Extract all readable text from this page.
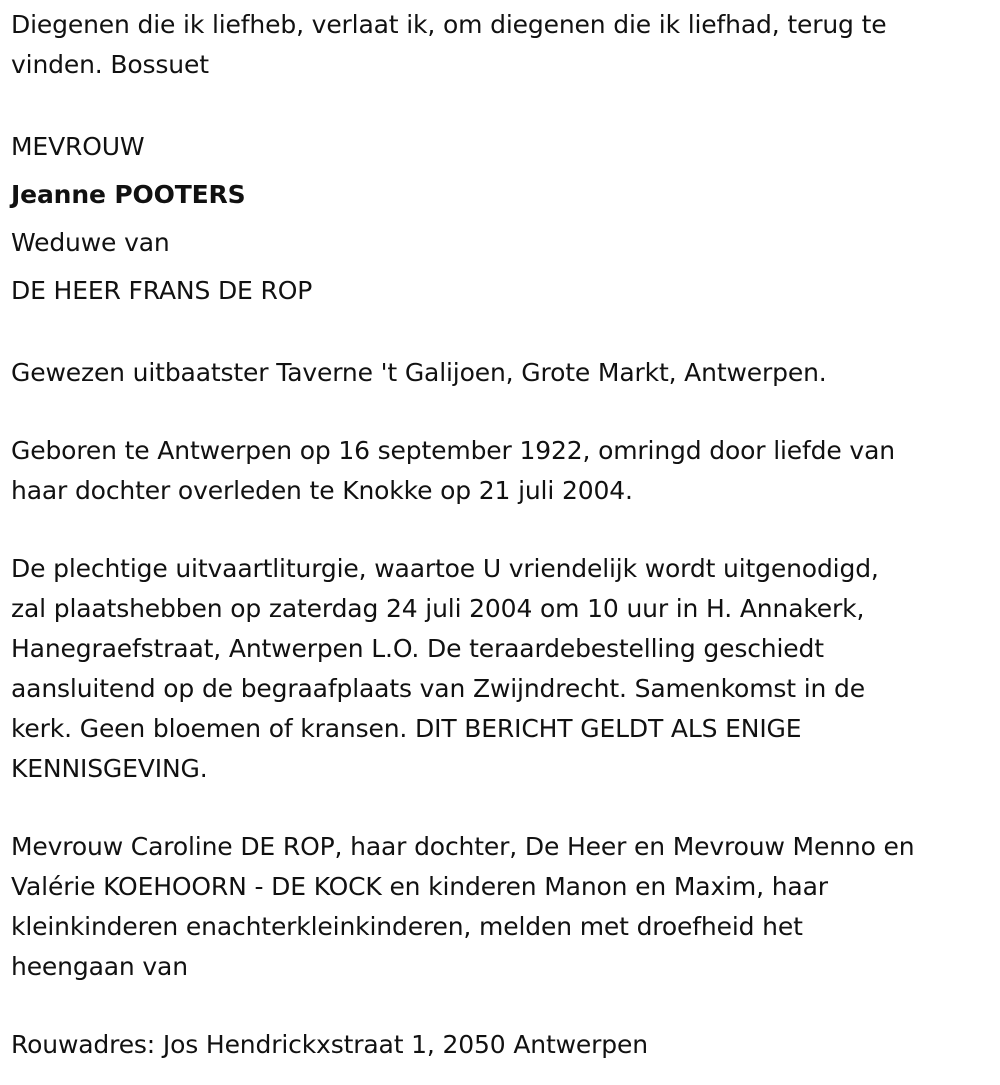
Diegenen die ik liefheb, verlaat ik, om diegenen die ik liefhad, terug te
vinden. Bossuet

MEVROUW
Jeanne POOTERS
Weduwe van
DE HEER FRANS DE ROP

Gewezen uitbaatster Taverne 't Galijoen, Grote Markt, Antwerpen.

Geboren te Antwerpen op 16 september 1922, omringd door liefde van
haar dochter overleden te Knokke op 21 juli 2004.

De plechtige uitvaartliturgie, waartoe U vriendelijk wordt uitgenodigd,
zal plaatshebben op zaterdag 24 juli 2004 om 10 uur in H. Annakerk,
Hanegraefstraat, Antwerpen L.O. De teraardebestelling geschiedt
aansluitend op de begraafplaats van Zwijndrecht. Samenkomst in de
kerk. Geen bloemen of kransen. DIT BERICHT GELDT ALS ENIGE
KENNISGEVING.

Mevrouw Caroline DE ROP, haar dochter, De Heer en Mevrouw Menno en
Valérie KOEHOORN - DE KOCK en kinderen Manon en Maxim, haar
kleinkinderen enachterkleinkinderen, melden met droefheid het
heengaan van

Rouwadres: Jos Hendrickxstraat 1, 2050 Antwerpen
